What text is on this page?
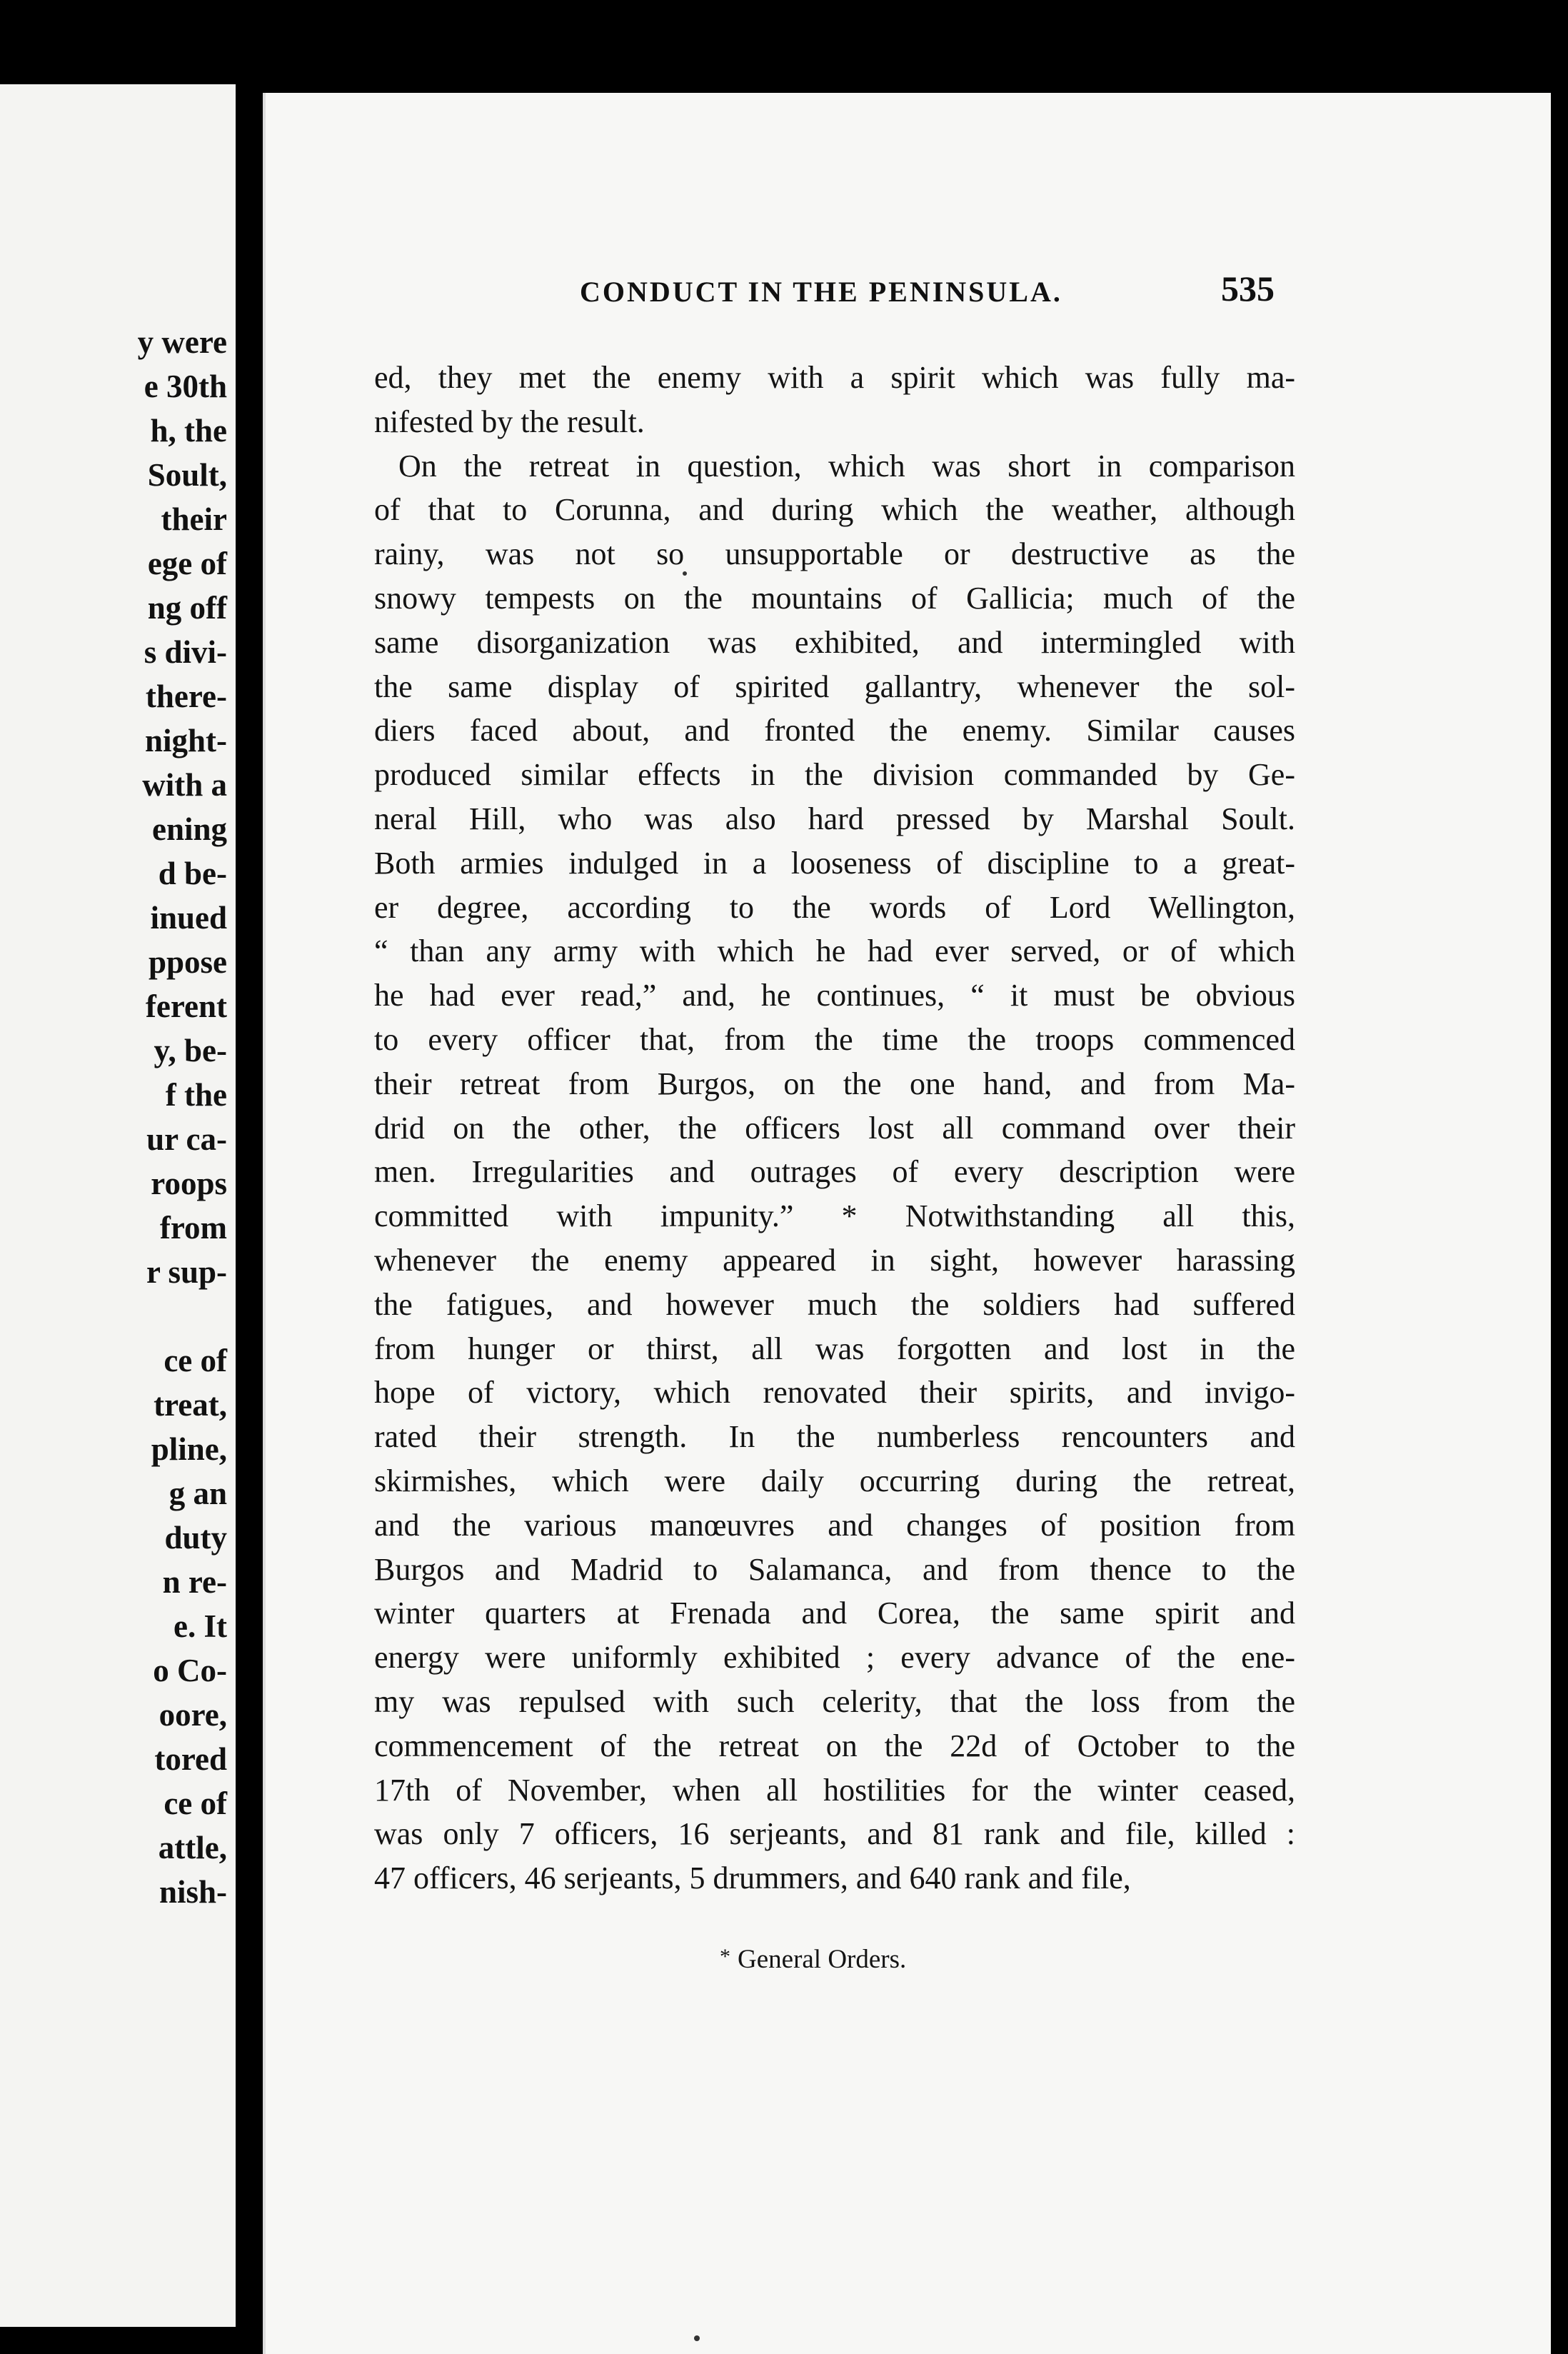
y were
e 30th
h, the
Soult,
their
ege of
ng off
s divi-
there-
night-
with a
ening
d be-
inued
ppose
ferent
y, be-
f the
ur ca-
roops
from
r sup-

ce of
treat,
pline,
g an
duty
n re-
e. It
o Co-
oore,
tored
ce of
attle,
nish-
CONDUCT IN THE PENINSULA.	535
ed, they met the enemy with a spirit which was fully ma-
nifested by the result.
On the retreat in question, which was short in comparison
of that to Corunna, and during which the weather, although
rainy, was not so unsupportable or destructive as the
snowy tempests on the mountains of Gallicia; much of the
same disorganization was exhibited, and intermingled with
the same display of spirited gallantry, whenever the sol-
diers faced about, and fronted the enemy. Similar causes
produced similar effects in the division commanded by Ge-
neral Hill, who was also hard pressed by Marshal Soult.
Both armies indulged in a looseness of discipline to a great-
er degree, according to the words of Lord Wellington,
“ than any army with which he had ever served, or of which
he had ever read,” and, he continues, “ it must be obvious
to every officer that, from the time the troops commenced
their retreat from Burgos, on the one hand, and from Ma-
drid on the other, the officers lost all command over their
men. Irregularities and outrages of every description were
committed with impunity.” * Notwithstanding all this,
whenever the enemy appeared in sight, however harassing
the fatigues, and however much the soldiers had suffered
from hunger or thirst, all was forgotten and lost in the
hope of victory, which renovated their spirits, and invigo-
rated their strength. In the numberless rencounters and
skirmishes, which were daily occurring during the retreat,
and the various manœuvres and changes of position from
Burgos and Madrid to Salamanca, and from thence to the
winter quarters at Frenada and Corea, the same spirit and
energy were uniformly exhibited ; every advance of the ene-
my was repulsed with such celerity, that the loss from the
commencement of the retreat on the 22d of October to the
17th of November, when all hostilities for the winter ceased,
was only 7 officers, 16 serjeants, and 81 rank and file, killed :
47 officers, 46 serjeants, 5 drummers, and 640 rank and file,
* General Orders.
